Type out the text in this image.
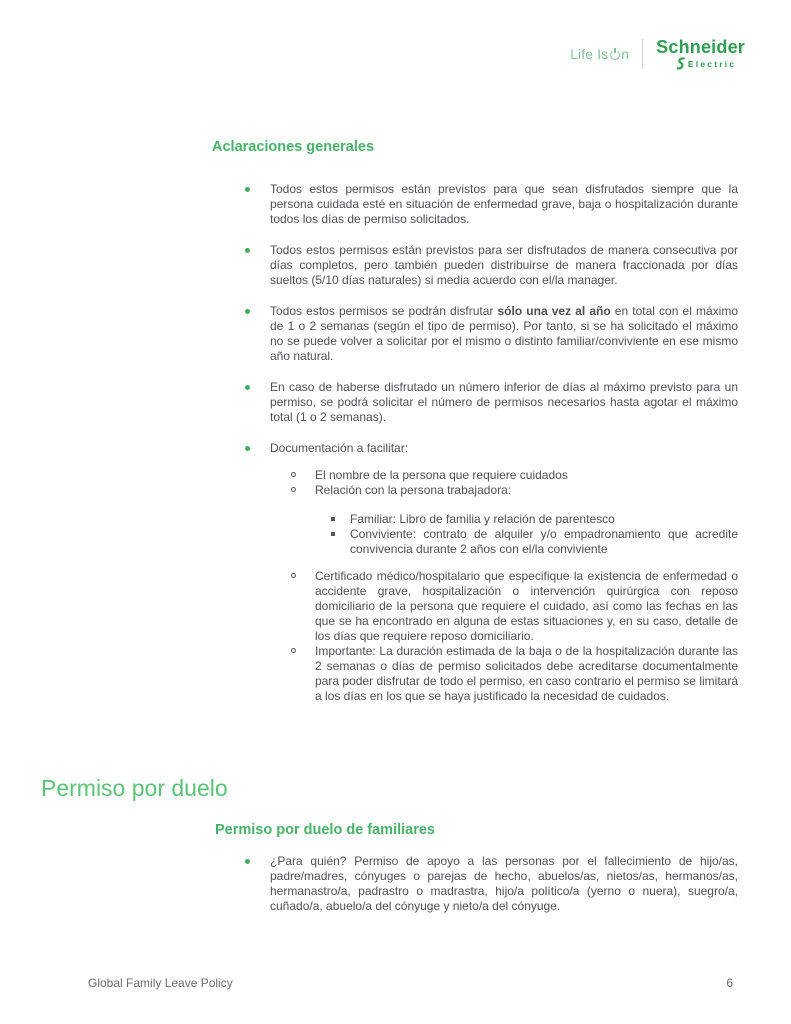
Life Is n Schneider
Electric
Aclaraciones generales
Todos estos permisos están previstos para que sean disfrutados siempre que la persona cuidada esté en situación de enfermedad grave, baja o hospitalización durante todos los días de permiso solicitados.
Todos estos permisos están previstos para ser disfrutados de manera consecutiva por días completos, pero también pueden distribuirse de manera fraccionada por días sueltos (5/10 días naturales) si media acuerdo con el/la manager.
Todos estos permisos se podrán disfrutar sólo una vez al año en total con el máximo de 1 o 2 semanas (según el tipo de permiso). Por tanto, si se ha solicitado el máximo no se puede volver a solicitar por el mismo o distinto familiar/conviviente en ese mismo año natural.
En caso de haberse disfrutado un número inferior de días al máximo previsto para un permiso, se podrá solicitar el número de permisos necesarios hasta agotar el máximo total (1 o 2 semanas).
Documentación a facilitar:
El nombre de la persona que requiere cuidados
Relación con la persona trabajadora:
Familiar: Libro de familia y relación de parentesco
Conviviente: contrato de alquiler y/o empadronamiento que acredite convivencia durante 2 años con el/la conviviente
Certificado médico/hospitalario que especifique la existencia de enfermedad o accidente grave, hospitalización o intervención quirúrgica con reposo domiciliario de la persona que requiere el cuidado, así como las fechas en las que se ha encontrado en alguna de estas situaciones y, en su caso, detalle de los días que requiere reposo domiciliario.
Importante: La duración estimada de la baja o de la hospitalización durante las 2 semanas o días de permiso solicitados debe acreditarse documentalmente para poder disfrutar de todo el permiso, en caso contrario el permiso se limitará a los días en los que se haya justificado la necesidad de cuidados.
Permiso por duelo
Permiso por duelo de familiares
¿Para quién? Permiso de apoyo a las personas por el fallecimiento de hijo/as, padre/madres, cónyuges o parejas de hecho, abuelos/as, nietos/as, hermanos/as, hermanastro/a, padrastro o madrastra, hijo/a político/a (yerno o nuera), suegro/a, cuñado/a, abuelo/a del cónyuge y nieto/a del cónyuge.
Global Family Leave Policy	6
